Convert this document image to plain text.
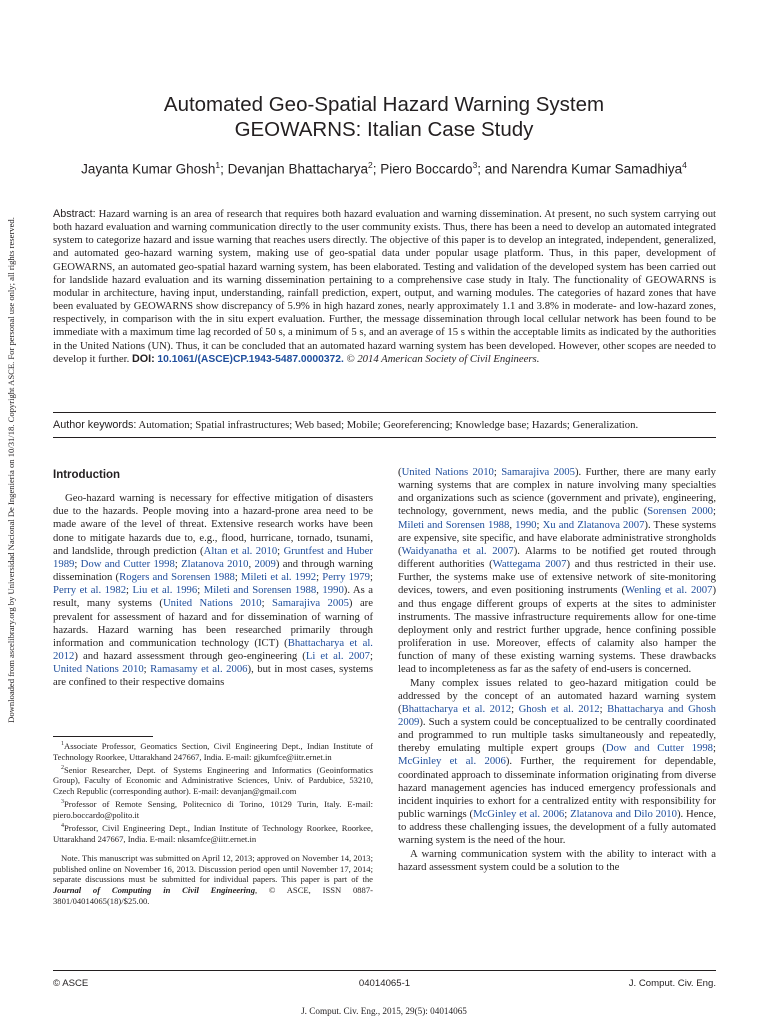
Downloaded from ascelibrary.org by Universidad Nacional De Ingenieria on 10/31/18. Copyright ASCE. For personal use only; all rights reserved.
Automated Geo-Spatial Hazard Warning System
GEOWARNS: Italian Case Study
Jayanta Kumar Ghosh$^1$; Devanjan Bhattacharya$^2$; Piero Boccardo$^3$; and Narendra Kumar Samadhiya$^4$
Abstract: Hazard warning is an area of research that requires both hazard evaluation and warning dissemination. At present, no such system carrying out both hazard evaluation and warning communication directly to the user community exists. Thus, there has been a need to develop an automated integrated system to categorize hazard and issue warning that reaches users directly. The objective of this paper is to develop an integrated, independent, generalized, and automated geo-hazard warning system, making use of geo-spatial data under popular usage platform. Thus, in this paper, development of GEOWARNS, an automated geo-spatial hazard warning system, has been elaborated. Testing and validation of the developed system has been carried out for landslide hazard evaluation and its warning dissemination pertaining to a comprehensive case study in Italy. The functionality of GEOWARNS is modular in architecture, having input, understanding, rainfall prediction, expert, output, and warning modules. The categories of hazard zones that have been evaluated by GEOWARNS show discrepancy of 5.9% in high hazard zones, nearly approximately 1.1 and 3.8% in moderate- and low-hazard zones, respectively, in comparison with the in situ expert evaluation. Further, the message dissemination through local cellular network has been found to be immediate with a maximum time lag recorded of 50 s, a minimum of 5 s, and an average of 15 s within the acceptable limits as indicated by the authorities in the United Nations (UN). Thus, it can be concluded that an automated hazard warning system has been developed. However, other scopes are needed to develop it further. DOI: 10.1061/(ASCE)CP.1943-5487.0000372. © 2014 American Society of Civil Engineers.
Author keywords: Automation; Spatial infrastructures; Web based; Mobile; Georeferencing; Knowledge base; Hazards; Generalization.
Introduction

Geo-hazard warning is necessary for effective mitigation of disasters due to the hazards. People moving into a hazard-prone area need to be made aware of the level of threat. Extensive research works have been done to mitigate hazards due to, e.g., flood, hurricane, tornado, tsunami, and landslide, through prediction (Altan et al. 2010; Gruntfest and Huber 1989; Dow and Cutter 1998; Zlatanova 2010, 2009) and through warning dissemination (Rogers and Sorensen 1988; Mileti et al. 1992; Perry 1979; Perry et al. 1982; Liu et al. 1996; Mileti and Sorensen 1988, 1990). As a result, many systems (United Nations 2010; Samarajiva 2005) are prevalent for assessment of hazard and for dissemination of warning of hazards. Hazard warning has been researched primarily through information and communication technology (ICT) (Bhattacharya et al. 2012) and hazard assessment through geo-engineering (Li et al. 2007; United Nations 2010; Ramasamy et al. 2006), but in most cases, systems are confined to their respective domains

$^1$Associate Professor, Geomatics Section, Civil Engineering Dept., Indian Institute of Technology Roorkee, Uttarakhand 247667, India. E-mail: gjkumfce@iitr.ernet.in

$^2$Senior Researcher, Dept. of Systems Engineering and Informatics (Geoinformatics Group), Faculty of Economic and Administrative Sciences, Univ. of Pardubice, 53210, Czech Republic (corresponding author). E-mail: devanjan@gmail.com

$^3$Professor of Remote Sensing, Politecnico di Torino, 10129 Turin, Italy. E-mail: piero.boccardo@polito.it

$^4$Professor, Civil Engineering Dept., Indian Institute of Technology Roorkee, Roorkee, Uttarakhand 247667, India. E-mail: nksamfce@iitr.ernet.in

Note. This manuscript was submitted on April 12, 2013; approved on November 14, 2013; published online on November 16, 2013. Discussion period open until November 17, 2014; separate discussions must be submitted for individual papers. This paper is part of the Journal of Computing in Civil Engineering, © ASCE, ISSN 0887-3801/04014065(18)/$25.00.

(United Nations 2010; Samarajiva 2005). Further, there are many early warning systems that are complex in nature involving many specialties and organizations such as science (government and private), engineering, technology, government, news media, and the public (Sorensen 2000; Mileti and Sorensen 1988, 1990; Xu and Zlatanova 2007). These systems are expensive, site specific, and have elaborate administrative strongholds (Waidyanatha et al. 2007). Alarms to be notified get routed through different authorities (Wattegama 2007) and thus restricted in their use. Further, the systems make use of extensive network of site-monitoring devices, towers, and even positioning instruments (Wenling et al. 2007) and thus engage different groups of experts at the sites to administer instruments. The massive infrastructure requirements allow for one-time deployment only and restrict further upgrade, hence confining possible proliferation in use. Moreover, effects of calamity also hamper the function of many of these existing warning systems. These drawbacks lead to incompleteness as far as the safety of end-users is concerned.

Many complex issues related to geo-hazard mitigation could be addressed by the concept of an automated hazard warning system (Bhattacharya et al. 2012; Ghosh et al. 2012; Bhattacharya and Ghosh 2009). Such a system could be conceptualized to be centrally coordinated and programmed to run multiple tasks simultaneously and repeatedly, thereby emulating multiple expert groups (Dow and Cutter 1998; McGinley et al. 2006). Further, the requirement for dependable, coordinated approach to disseminate information originating from diverse hazard management agencies has induced emergency professionals and incident inquiries to exhort for a centralized entity with responsibility for public warnings (McGinley et al. 2006; Zlatanova and Dilo 2010). Hence, to address these challenging issues, the development of a fully automated warning system is the need of the hour.

A warning communication system with the ability to interact with a hazard assessment system could be a solution to the

© ASCE	04014065-1	J. Comput. Civ. Eng.
J. Comput. Civ. Eng., 2015, 29(5): 04014065
